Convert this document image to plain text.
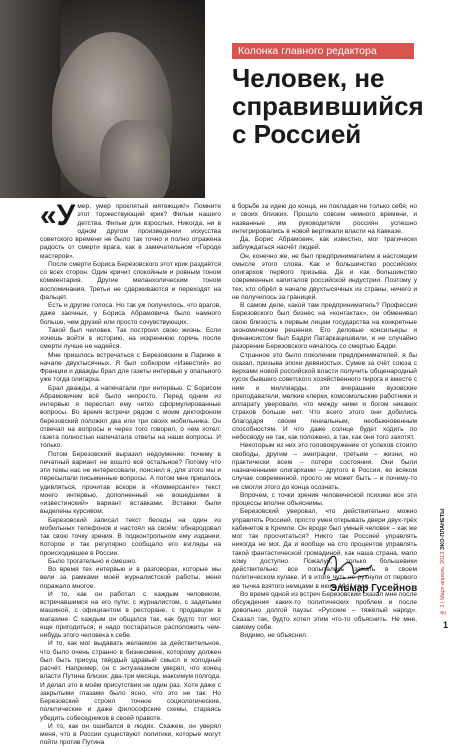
Колонка главного редактора
Человек, не справившийся с Россией
«У мер, умер проклятый мятежщик!» Помните этот торжествующий крик? Фильм нашего детства. Фильм для взрослых. Никогда, ни в одном другом произведении искусства советского времени не было так точно и полно отражена радость от смерти врага, как в замечательном «Городе мастеров».

После смерти Бориса Березовского этот крик раздаётся со всех сторон. Один кричит спокойным и ровным тоном комментария. Другие меланхолическим тоном воспоминания. Третьи не сдерживаются и переходят на фальцет.

Есть и другие голоса. Но так уж получилось, что врагов, даже заочных, у Бориса Абрамовича было намного больше, чем друзей или просто сочувствующих.

Такой был человек. Так построил свою жизнь. Если хочешь войти в историю, на искреннюю горечь после смерти лучше не надейся.

Мне пришлось встречаться с Березовским в Париже в начале двухтысячных. Я был собкором «Известий» во Франции и дважды брал для газеты интервью у опального уже тогда олигарха.

Брал дважды, а напечатали при интервью. С Борисом Абрамовичем всё было непросто. Перед одним из интервью я переслал ему четко сформулированные вопросы. Во время встречи рядом с моим диктофоном березовский положил два или три своих мобильника. Он отвечал на вопросы и через того говорил, о чем хотел: газета полностью напечатала ответы на наши вопросы. И только.

Потом Березовский выразил недоумение: почему в печатный вариант не вошло всё остальное? Потому что эти темы нас не интересовали, пояснил я, для этого мы и пересылали письменные вопросы. А потом мне пришлось удивляться, прочитав вскоре в «Коммерсанте» текст моего интервью, дополненный не вошедшими в «известинский» вариант вставками. Вставки были выделены курсивом.

Березовский записал текст беседы на один из мобильных телефонов и настоял на своём: обнародовал так свою точку зрения. В подконтрольном ему издании. Которое и так регулярно сообщало его взгляды на происходившее в России.

Было трогательно и смешно.

Во время тех интервью и в разговорах, которые мы вели за рамками моей журналистской работы, меня поражало многое.

И то, как он работал с каждым человеком, встречавшимся на его пути: с журналистом, с задетыми машиной, с официантом в ресторане, с продавцом в магазине. С каждым он общался так, как будто тот мог еще пригодиться, и надо постараться расположить чем-нибудь этого человека к себе.

И то, как мог выдавать желаемое за действительное, что было очень странно в бизнесмене, которому должен был быть присущ твёрдый здравый смысл и холодный расчёт. Например, он с энтузиазмом уверял, что конец власти Путина близок: два-три месяца, максимум полгода. И делал это в моём присутствии не один раз. Хотя даже с закрытыми глазами было ясно, что это не так. Но Березовский строил точное социологические, политические и даже философские схемы, стараясь убедить собеседников в своей правоте.

И то, как он ошибался в людях. Скажем, он уверял меня, что в России существуют политики, которые могут пойти против Путина

в борьбе за идею до конца, не покладая не только себя, но и своих близких. Прошло совсем немного времени, и названные им руководители россиян успешно интегрировались в новой вертикали власти на Кавказе.

Да, Борис Абрамович, как известно, мог трагически заблуждаться насчёт людей.

Он, конечно же, не был предпринимателем в настоящем смысле этого слова. Как и большинство российских олигархов первого призыва. Да и как большинство современных капиталов российской индустрии. Поэтому у тех, кто обрёл в начале двухтысячных из страны, ничего и не получилось за границей.

В самом деле, какой там предприниматель? Профессия Березовского был бизнес на «контактах», он обменивал свою близость к первым лицам государства на конкретные экономические решения. Его деловые консильеры и финансистом был Бадри Патаркацишвили, и не случайно разорение Березовского началось со смертью Бадри.

Странное это было поколение предпринимателей, я бы сказал, призыва эпохи девяностых. Сумев за счёт союза с верхами новой российской власти получить общенародный кусок бывшего советского хозяйственного пирога и вместе с ним и миллиарды, эти вчерашние вузовские преподаватели, мелкие клерки, комсомольские работники и аппарату уверовали, что между ними и богом никаких страхов больше нет. Что всего этого они добились благодаря своим гениальным, необыкновенным способностям. И что даже солнце будет ходить по небосводу не так, как положено, а так, как они того захотят.

Некоторым из них это головокружение от успехов стоило свободы, другим – эмиграции, третьим – жизни, но практически всем – потери состояния. Они были назначенными олигархами – другого в России, во всяком случае современной, просто не может быть – и почему-то не смогли этого до конца осознать.

Впрочем, с точки зрения человеческой психики все эти процессы вполне объяснимы.

Березовский уверовал, что действительно можно управлять Россией, просто умея открывать двери двух-трёх кабинетов в Кремле. Он вроде был умный человек – как же мог так просчитаться? Никто так Россией управлять никогда не мог. Да и вообще на сто процентов управлять такой фантастической громадиной, как наша страна, мало кому доступно. Пожалуй, только большевики действительно все попытались зажать в своем политическом кулаке. И в итоге чуть не рухнули от первого же тычка взятого немцами в июне 1941 года.

Во время одной из встреч Березовский сказал мне после обсуждения каких-то политических проблем и после довольно долгой паузы: «Русские – тяжёлый народ». Сказал так, будто хотел этим что-то объяснить. Не мне, самому себе.

Видимо, не объяснил.

Эльмар Гусейнов	№ 1 | Март-апрель, 2013 ЭКО-ПЛАНЕТЫ
1
